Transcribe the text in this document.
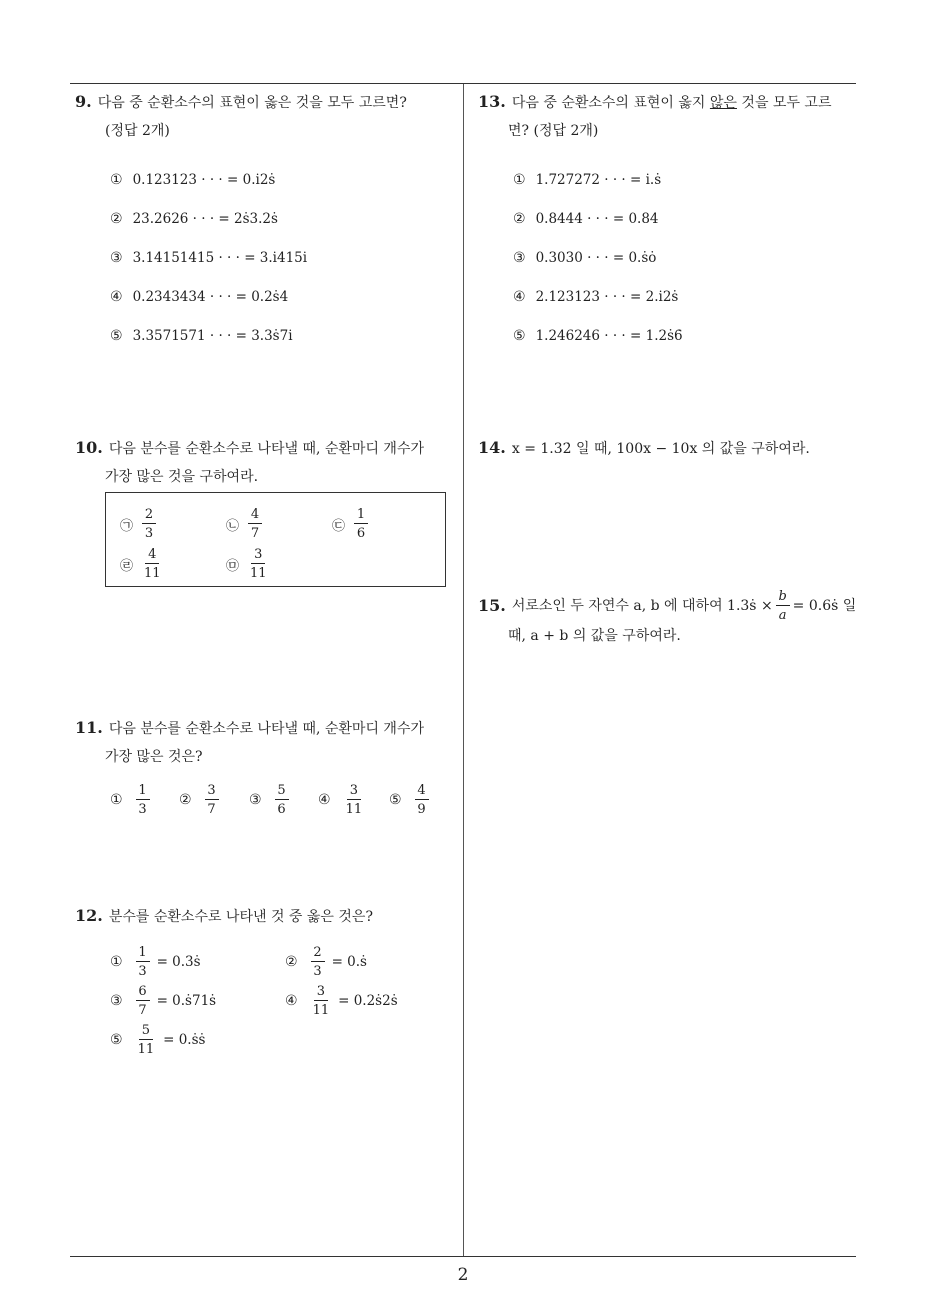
9. 다음 중 순환소수의 표현이 옳은 것을 모두 고르면?
(정답 2개)
① 0.123123 · · · = 0.i2ṡ
② 23.2626 · · · = 2ṡ3.2ṡ
③ 3.14151415 · · · = 3.i415i
④ 0.2343434 · · · = 0.2ṡ4̇
⑤ 3.3571571 · · · = 3.3ṡ7i
10. 다음 분수를 순환소수로 나타낼 때, 순환마디 개수가
가장 많은 것을 구하여라.
㉠ $\frac{2}{3}$	㉡ $\frac{4}{7}$	㉢ $\frac{1}{6}$
㉣ $\frac{4}{11}$	㉤ $\frac{3}{11}$
11. 다음 분수를 순환소수로 나타낼 때, 순환마디 개수가
가장 많은 것은?
① $\frac{1}{3}$ ② $\frac{3}{7}$ ③ $\frac{5}{6}$ ④ $\frac{3}{11}$ ⑤ $\frac{4}{9}$
12. 분수를 순환소수로 나타낸 것 중 옳은 것은?
① $\frac{1}{3}$ = 0.3ṡ	② $\frac{2}{3}$ = 0.ṡ
③ $\frac{6}{7}$ = 0.ṡ71ṡ	④ $\frac{3}{11}$ = 0.2ṡ2ṡ
⑤ $\frac{5}{11}$ = 0.ṡṡ
13. 다음 중 순환소수의 표현이 옳지 않은 것을 모두 고르
면? (정답 2개)
① 1.727272 · · · = i.ṡ
② 0.8444 · · · = 0.84̇
③ 0.3030 · · · = 0.ṡȯ
④ 2.123123 · · · = 2.i2ṡ
⑤ 1.246246 · · · = 1.2ṡ6̇
14. x = 1.32̇ 일 때, 100x − 10x 의 값을 구하여라.
15. 서로소인 두 자연수 a, b 에 대하여 1.3ṡ × $\frac{b}{a}$ = 0.6ṡ 일
때, a + b 의 값을 구하여라.
2
